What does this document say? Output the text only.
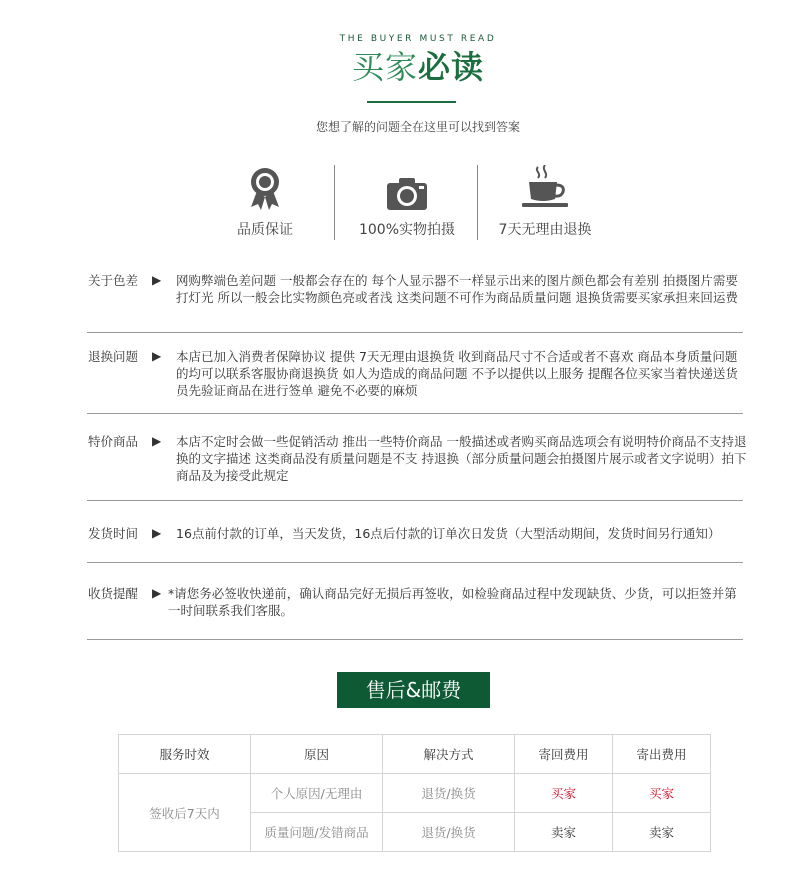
THE BUYER MUST READ
买家必读
您想了解的问题全在这里可以找到答案
品质保证	100%实物拍摄	7天无理由退换
关于色差 ▶ 网购弊端色差问题 一般都会存在的 每个人显示器不一样显示出来的图片颜色都会有差别 拍摄图片需要打灯光 所以一般会比实物颜色亮或者浅 这类问题不可作为商品质量问题 退换货需要买家承担来回运费
退换问题 ▶ 本店已加入消费者保障协议 提供 7天无理由退换货 收到商品尺寸不合适或者不喜欢 商品本身质量问题的均可以联系客服协商退换货 如人为造成的商品问题 不予以提供以上服务 提醒各位买家当着快递送货员先验证商品在进行签单 避免不必要的麻烦
特价商品 ▶ 本店不定时会做一些促销活动 推出一些特价商品 一般描述或者购买商品选项会有说明特价商品不支持退换的文字描述 这类商品没有质量问题是不支 持退换（部分质量问题会拍摄图片展示或者文字说明）拍下商品及为接受此规定
发货时间 ▶ 16点前付款的订单，当天发货，16点后付款的订单次日发货（大型活动期间，发货时间另行通知）
收货提醒 ▶ *请您务必签收快递前，确认商品完好无损后再签收，如检验商品过程中发现缺货、少货，可以拒签并第一时间联系我们客服。
售后&邮费
服务时效	原因	解决方式	寄回费用	寄出费用
签收后7天内	个人原因/无理由	退货/换货	买家	买家
	质量问题/发错商品	退货/换货	卖家	卖家
